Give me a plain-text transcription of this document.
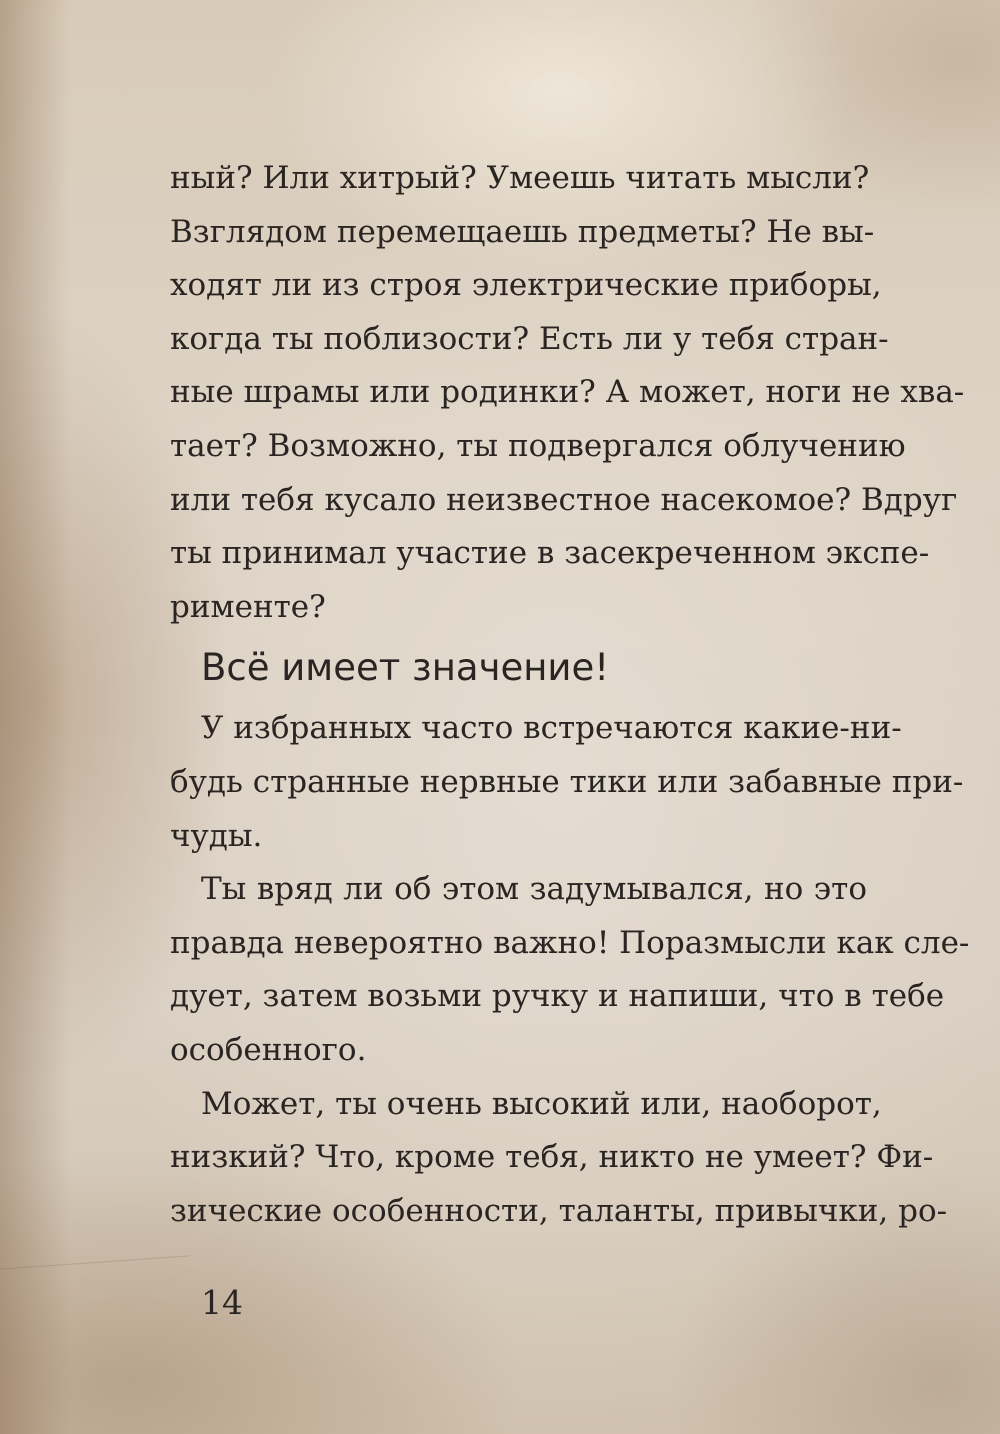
ный? Или хитрый? Умеешь читать мысли?
Взглядом перемещаешь предметы? Не вы-
ходят ли из строя электрические приборы,
когда ты поблизости? Есть ли у тебя стран-
ные шрамы или родинки? А может, ноги не хва-
тает? Возможно, ты подвергался облучению
или тебя кусало неизвестное насекомое? Вдруг
ты принимал участие в засекреченном экспе-
рименте?
Всё имеет значение!
У избранных часто встречаются какие-ни-
будь странные нервные тики или забавные при-
чуды.
Ты вряд ли об этом задумывался, но это
правда невероятно важно! Поразмысли как сле-
дует, затем возьми ручку и напиши, что в тебе
особенного.
Может, ты очень высокий или, наоборот,
низкий? Что, кроме тебя, никто не умеет? Фи-
зические особенности, таланты, привычки, ро-
14
